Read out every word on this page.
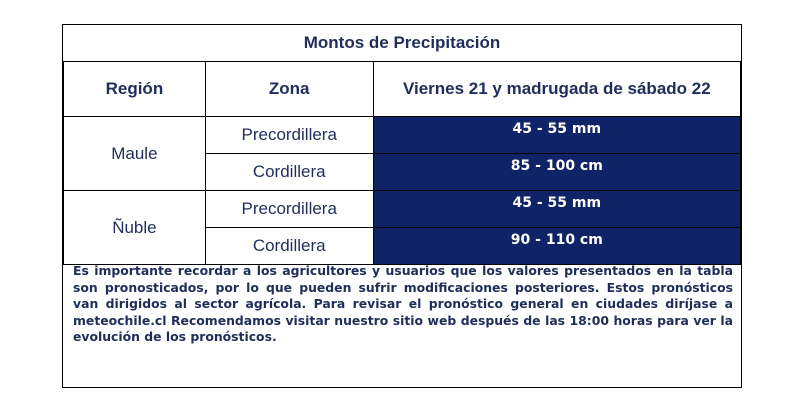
Montos de Precipitación		
Región	Zona	Viernes 21 y madrugada de sábado 22
Maule	Precordillera	45 - 55 mm
	Cordillera	85 - 100 cm
Ñuble	Precordillera	45 - 55 mm
	Cordillera	90 - 110 cm
Es importante recordar a los agricultores y usuarios que los valores presentados en la tabla son pronosticados, por lo que pueden sufrir modificaciones posteriores. Estos pronósticos van dirigidos al sector agrícola. Para revisar el pronóstico general en ciudades diríjase a meteochile.cl Recomendamos visitar nuestro sitio web después de las 18:00 horas para ver la evolución de los pronósticos.
